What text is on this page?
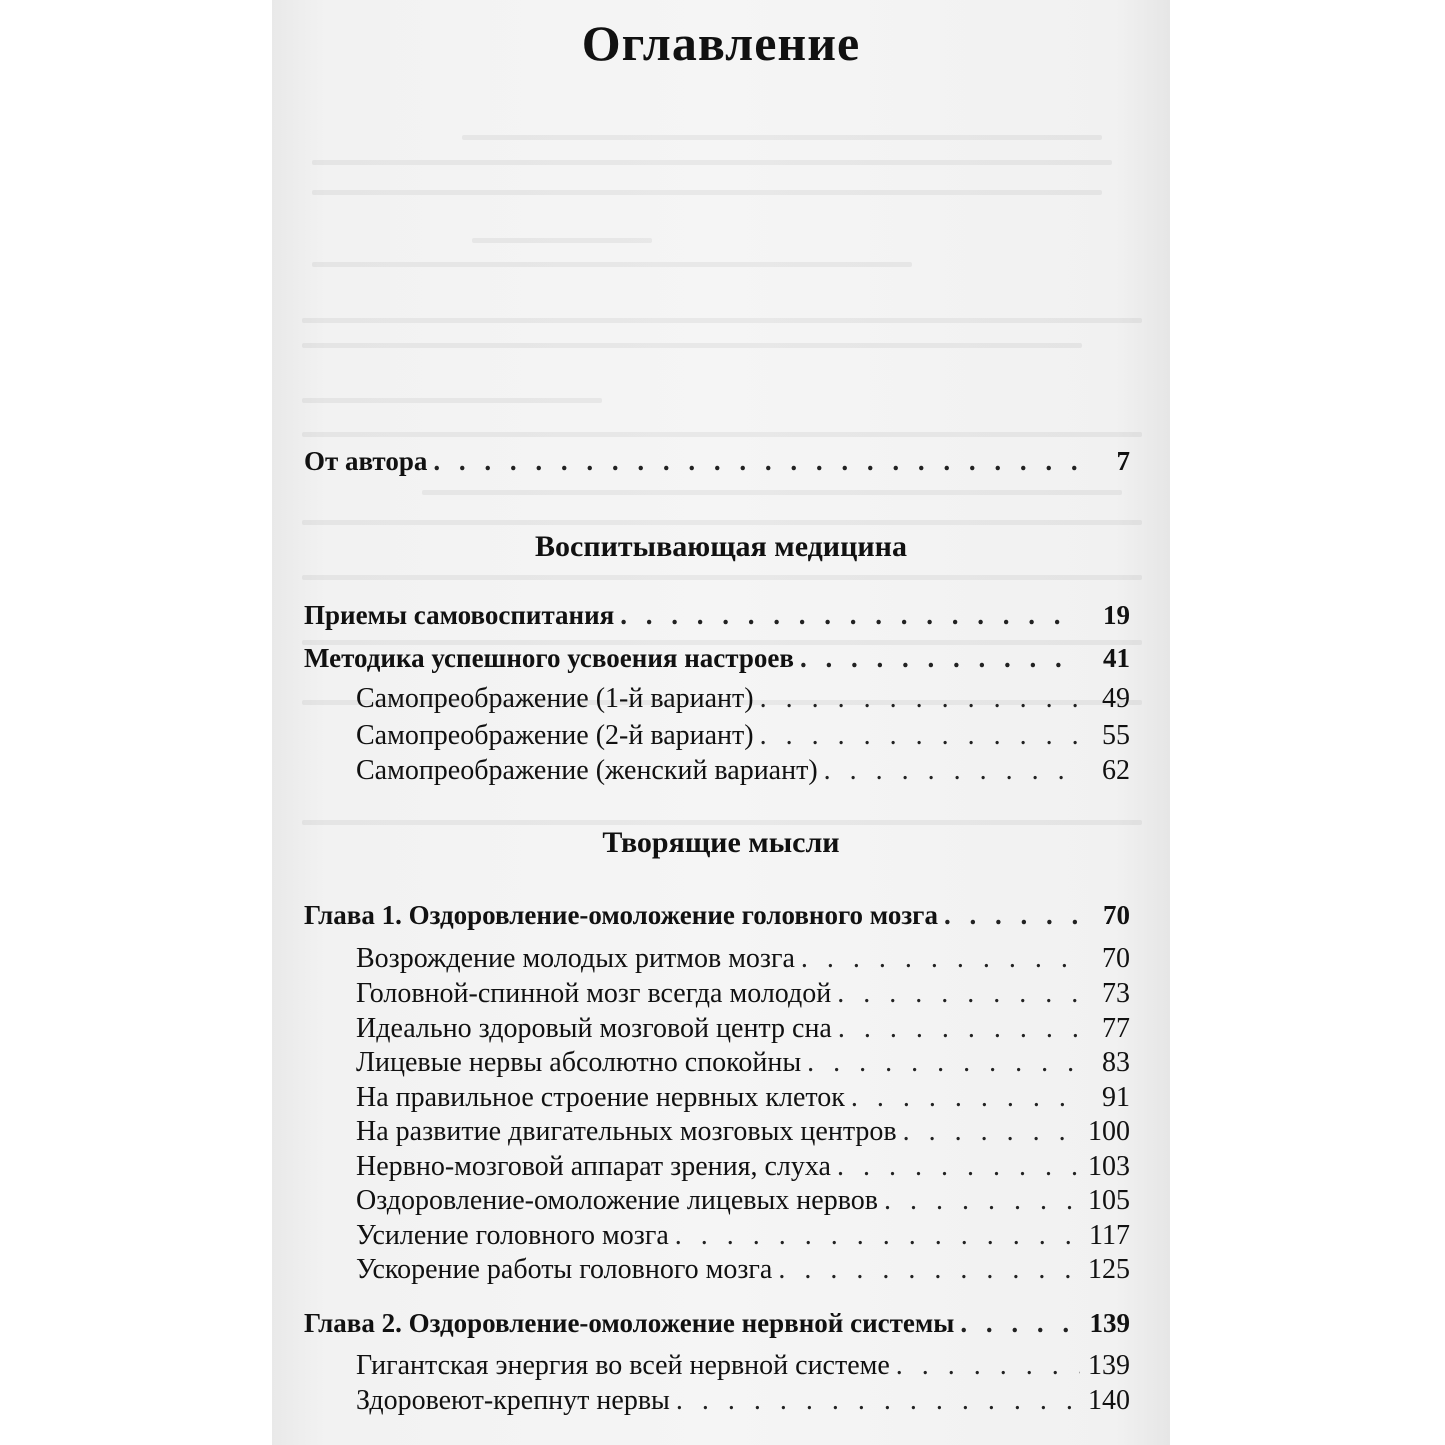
Оглавление
От автора . . .	7
Воспитывающая медицина
Приемы самовоспитания . . .	19
Методика успешного усвоения настроев . . .	41
Самопреображение (1-й вариант) . . .	49
Самопреображение (2-й вариант) . . .	55
Самопреображение (женский вариант) . . .	62
Творящие мысли
Глава 1. Оздоровление-омоложение головного мозга . . .	70
Возрождение молодых ритмов мозга . . .	70
Головной-спинной мозг всегда молодой . . .	73
Идеально здоровый мозговой центр сна . . .	77
Лицевые нервы абсолютно спокойны . . .	83
На правильное строение нервных клеток . . .	91
На развитие двигательных мозговых центров . . .	100
Нервно-мозговой аппарат зрения, слуха . . .	103
Оздоровление-омоложение лицевых нервов . . .	105
Усиление головного мозга . . .	117
Ускорение работы головного мозга . . .	125
Глава 2. Оздоровление-омоложение нервной системы . . .	139
Гигантская энергия во всей нервной системе . . .	139
Здоровеют-крепнут нервы . . .	140
